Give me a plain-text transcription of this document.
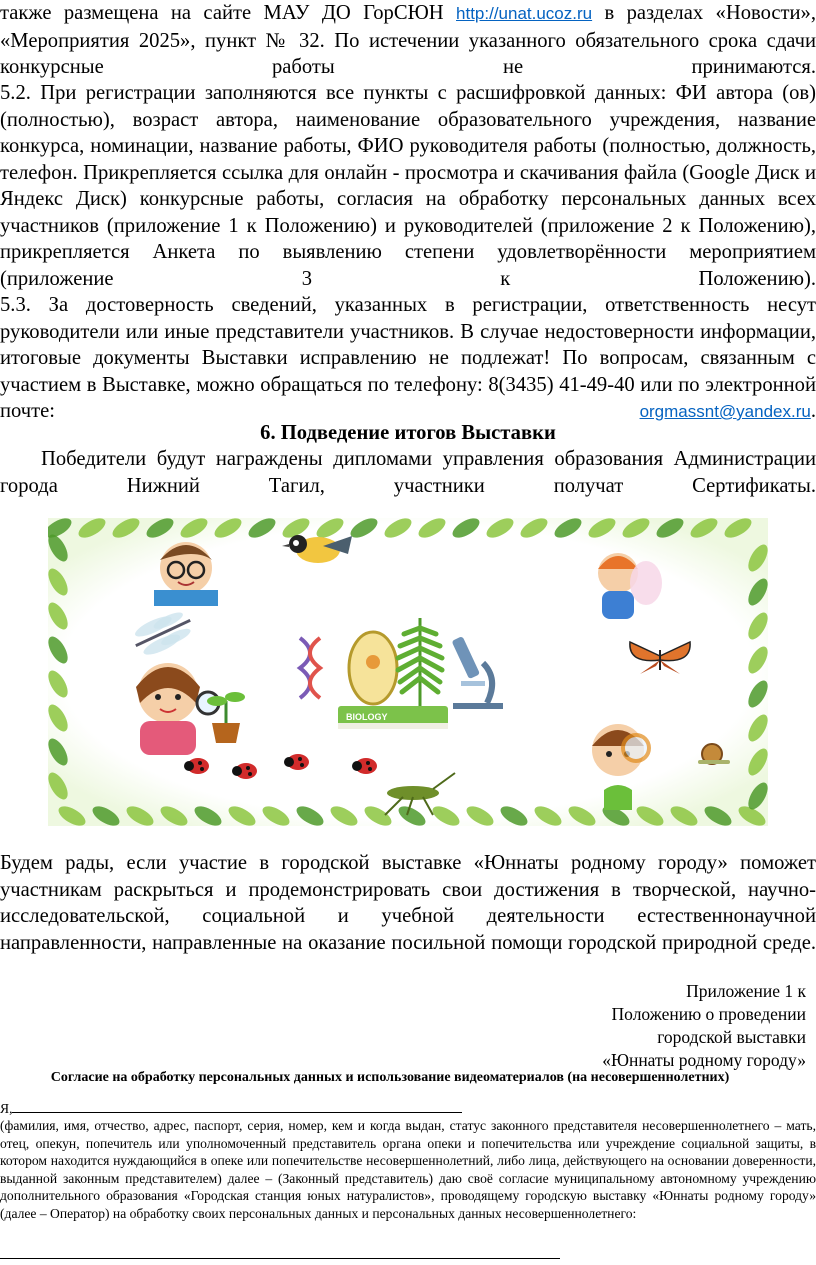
также размещена на сайте МАУ ДО ГорСЮН http://unat.ucoz.ru в разделах «Новости», «Мероприятия 2025», пункт № 32. По истечении указанного обязательного срока сдачи конкурсные работы не принимаются.
5.2. При регистрации заполняются все пункты с расшифровкой данных: ФИ автора (ов) (полностью), возраст автора, наименование образовательного учреждения, название конкурса, номинации, название работы, ФИО руководителя работы (полностью, должность, телефон. Прикрепляется ссылка для онлайн - просмотра и скачивания файла (Google Диск и Яндекс Диск) конкурсные работы, согласия на обработку персональных данных всех участников (приложение 1 к Положению) и руководителей (приложение 2 к Положению), прикрепляется Анкета по выявлению степени удовлетворённости мероприятием (приложение 3 к Положению).
5.3. За достоверность сведений, указанных в регистрации, ответственность несут руководители или иные представители участников. В случае недостоверности информации, итоговые документы Выставки исправлению не подлежат! По вопросам, связанным с участием в Выставке, можно обращаться по телефону: 8(3435) 41-49-40 или по электронной почте: orgmassnt@yandex.ru.
6. Подведение итогов Выставки
Победители будут награждены дипломами управления образования Администрации города Нижний Тагил, участники получат Сертификаты.
BIOLOGY
Будем рады, если участие в городской выставке «Юннаты родному городу» поможет участникам раскрыться и продемонстрировать свои достижения в творческой, научно-исследовательской, социальной и учебной деятельности естественнонаучной направленности, направленные на оказание посильной помощи городской природной среде.
Приложение 1 к
Положению о проведении
городской выставки
«Юннаты родному городу»
Согласие на обработку персональных данных и использование видеоматериалов (на несовершеннолетних)
Я,
(фамилия, имя, отчество, адрес, паспорт, серия, номер, кем и когда выдан, статус законного представителя несовершеннолетнего – мать, отец, опекун, попечитель или уполномоченный представитель органа опеки и попечительства или учреждение социальной защиты, в котором находится нуждающийся в опеке или попечительстве несовершеннолетний, либо лица, действующего на основании доверенности, выданной законным представителем) далее – (Законный представитель) даю своё согласие муниципальному автономному учреждению дополнительного образования «Городская станция юных натуралистов», проводящему городскую выставку «Юннаты родному городу» (далее – Оператор) на обработку своих персональных данных и персональных данных несовершеннолетнего:
